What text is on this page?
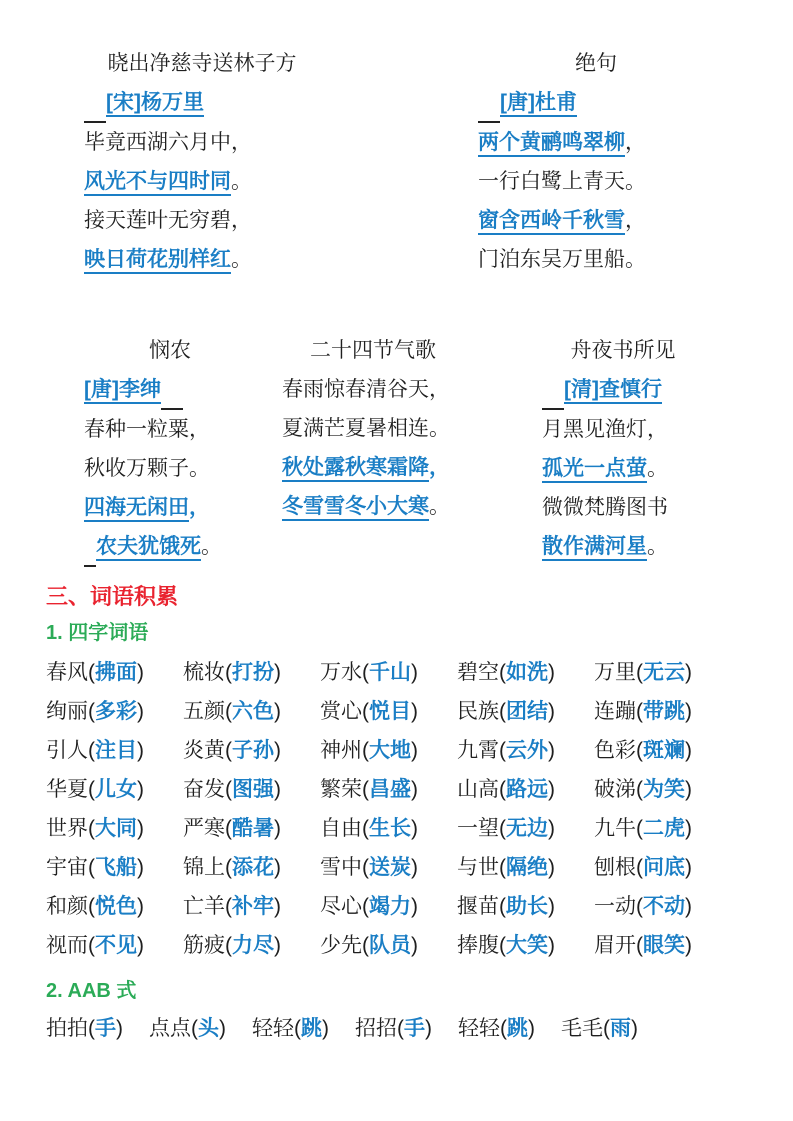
晓出净慈寺送林子方
[宋]杨万里
毕竟西湖六月中，
风光不与四时同。
接天莲叶无穷碧，
映日荷花别样红。
绝句
[唐]杜甫
两个黄鹂鸣翠柳，
一行白鹭上青天。
窗含西岭千秋雪，
门泊东吴万里船。
悯农
[唐]李绅
春种一粒粟，
秋收万颗子。
四海无闲田，
农夫犹饿死。
二十四节气歌
春雨惊春清谷天，
夏满芒夏暑相连。
秋处露秋寒霜降，
冬雪雪冬小大寒。
舟夜书所见
[清]查慎行
月黑见渔灯，
孤光一点萤。
微微梵腾图书
散作满河星。
三、词语积累
1. 四字词语
春风(拂面)	梳妆(打扮)	万水(千山)	碧空(如洗)	万里(无云)
绚丽(多彩)	五颜(六色)	赏心(悦目)	民族(团结)	连蹦(带跳)
引人(注目)	炎黄(子孙)	神州(大地)	九霄(云外)	色彩(斑斓)
华夏(儿女)	奋发(图强)	繁荣(昌盛)	山高(路远)	破涕(为笑)
世界(大同)	严寒(酷暑)	自由(生长)	一望(无边)	九牛(二虎)
宇宙(飞船)	锦上(添花)	雪中(送炭)	与世(隔绝)	刨根(问底)
和颜(悦色)	亡羊(补牢)	尽心(竭力)	揠苗(助长)	一动(不动)
视而(不见)	筋疲(力尽)	少先(队员)	捧腹(大笑)	眉开(眼笑)
2. AAB 式
拍拍(手) 点点(头) 轻轻(跳) 招招(手) 轻轻(跳) 毛毛(雨)
